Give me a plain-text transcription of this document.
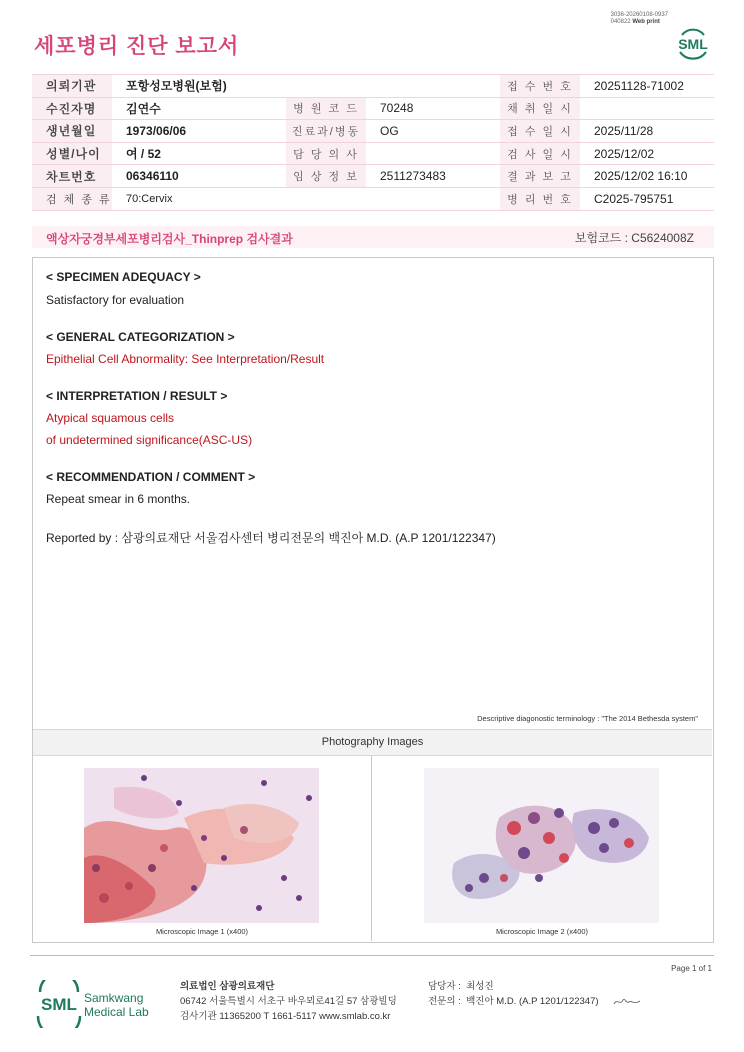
세포병리 진단 보고서
3036-20260108-0937
040822 Web print
SML
의뢰기관	포항성모병원(보험)			접 수 번 호	20251128-71002
수진자명	김연수	병 원 코 드	70248	채 취 일 시	
생년월일	1973/06/06	진료과/병동	OG	접 수 일 시	2025/11/28
성별/나이	여 / 52	담 당 의 사		검 사 일 시	2025/12/02
차트번호	06346110	임 상 정 보	2511273483	결 과 보 고	2025/12/02 16:10
검 체 종 류	70:Cervix			병 리 번 호	C2025-795751
액상자궁경부세포병리검사_Thinprep 검사결과	보험코드 : C5624008Z
< SPECIMEN ADEQUACY >
Satisfactory for evaluation
< GENERAL CATEGORIZATION >
Epithelial Cell Abnormality: See Interpretation/Result
< INTERPRETATION / RESULT >
Atypical squamous cells
of undetermined significance(ASC-US)
< RECOMMENDATION / COMMENT >
Repeat smear in 6 months.
Reported by : 삼광의료재단 서울검사센터 병리전문의 백진아 M.D. (A.P 1201/122347)
Descriptive diagonostic terminology : "The 2014 Bethesda system"
Photography Images
Microscopic Image 1 (x400)	Microscopic Image 2 (x400)
Page 1 of 1
SML Samkwang
Medical Lab
의료법인 삼광의료재단
06742 서울특별시 서초구 바우뫼로41길 57 삼광빌딩
검사기관 11365200 T 1661-5117 www.smlab.co.kr
담당자 : 최성진
전문의 : 백진아 M.D. (A.P 1201/122347)
